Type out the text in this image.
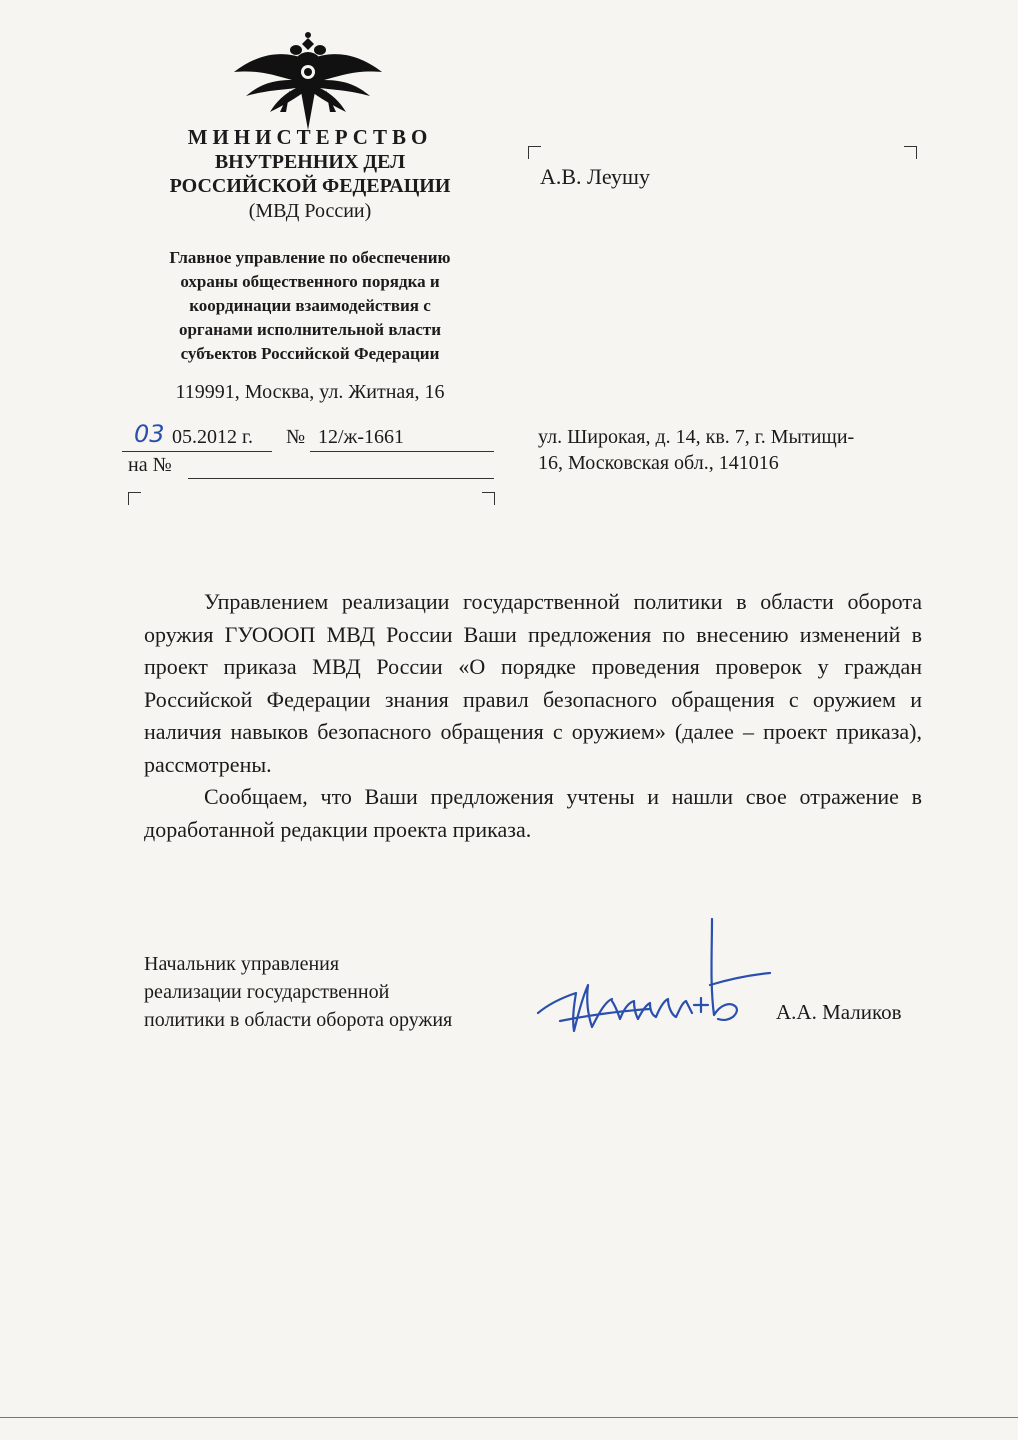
МИНИСТЕРСТВО
ВНУТРЕННИХ ДЕЛ
РОССИЙСКОЙ ФЕДЕРАЦИИ
(МВД России)
Главное управление по обеспечению
охраны общественного порядка и
координации взаимодействия с
органами исполнительной власти
субъектов Российской Федерации
119991, Москва, ул. Житная, 16
03 05.2012 г. № 12/ж-1661
на №
А.В. Леушу
ул. Широкая, д. 14, кв. 7, г. Мытищи-
16, Московская обл., 141016

Управлением реализации государственной политики в области оборота оружия ГУОООП МВД России Ваши предложения по внесению изменений в проект приказа МВД России «О порядке проведения проверок у граждан Российской Федерации знания правил безопасного обращения с оружием и наличия навыков безопасного обращения с оружием» (далее – проект приказа), рассмотрены.

Сообщаем, что Ваши предложения учтены и нашли свое отражение в доработанной редакции проекта приказа.

Начальник управления
реализации государственной
политики в области оборота оружия	А.А. Маликов
